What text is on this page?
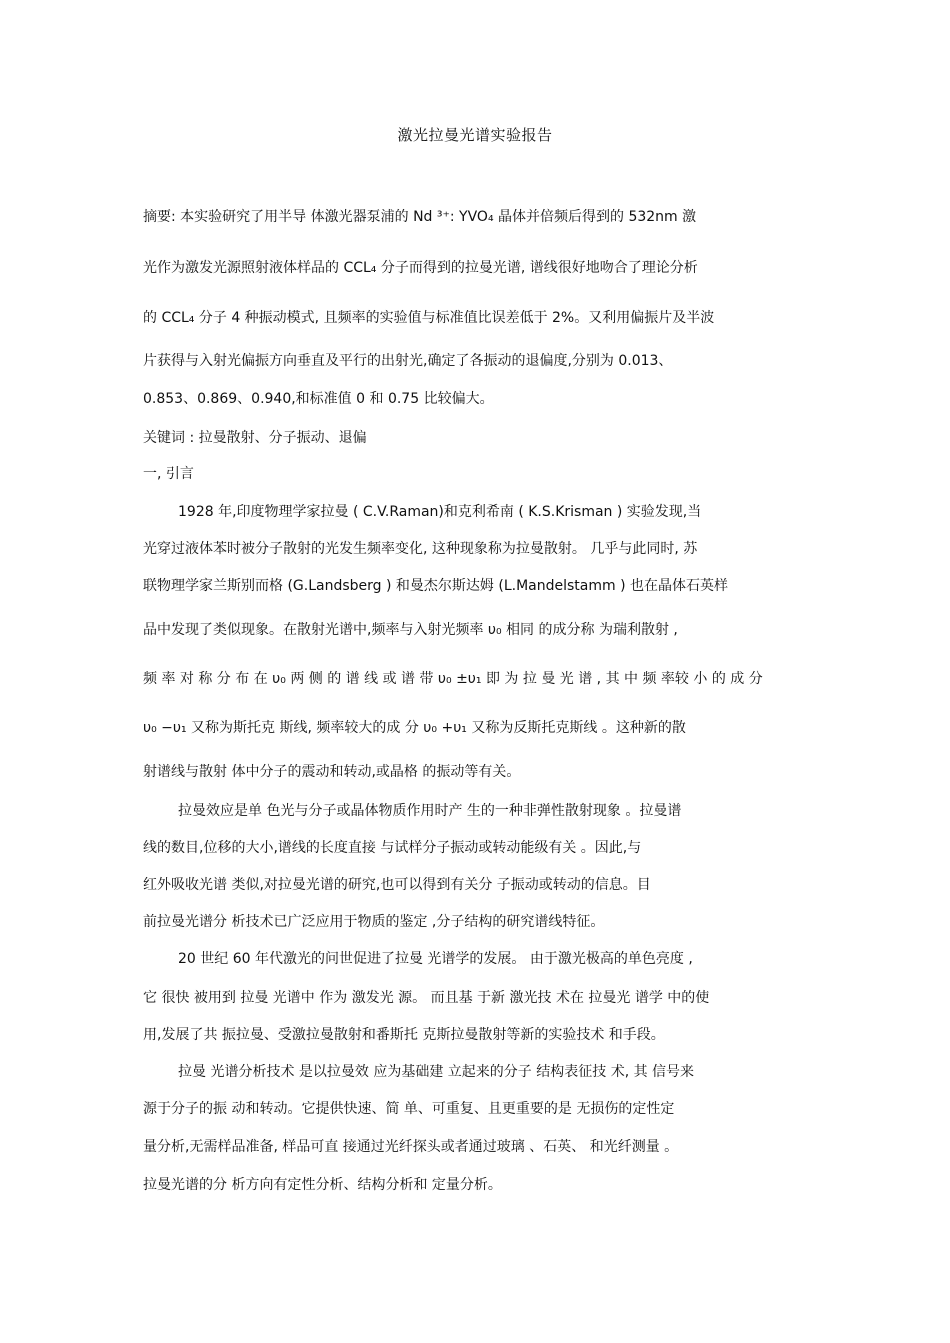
激光拉曼光谱实验报告
摘要: 本实验研究了用半导 体激光器泵浦的 Nd ³⁺: YVO₄ 晶体并倍频后得到的 532nm 激
光作为激发光源照射液体样品的 CCL₄ 分子而得到的拉曼光谱, 谱线很好地吻合了理论分析
的 CCL₄ 分子 4 种振动模式, 且频率的实验值与标准值比误差低于 2%。又利用偏振片及半波
片获得与入射光偏振方向垂直及平行的出射光,确定了各振动的退偏度,分别为 0.013、
0.853、0.869、0.940,和标准值 0 和 0.75 比较偏大。
关键词 : 拉曼散射、分子振动、退偏
一, 引言
1928 年,印度物理学家拉曼 ( C.V.Raman)和克利希南 ( K.S.Krisman ) 实验发现,当
光穿过液体苯时被分子散射的光发生频率变化, 这种现象称为拉曼散射。 几乎与此同时, 苏
联物理学家兰斯别而格 (G.Landsberg ) 和曼杰尔斯达姆 (L.Mandelstamm ) 也在晶体石英样
品中发现了类似现象。在散射光谱中,频率与入射光频率 υ₀ 相同 的成分称 为瑞利散射 ,
频 率 对 称 分 布 在 υ₀ 两 侧 的 谱 线 或 谱 带 υ₀ ±υ₁ 即 为 拉 曼 光 谱 , 其 中 频 率较 小 的 成 分
υ₀ −υ₁ 又称为斯托克 斯线, 频率较大的成 分 υ₀ +υ₁ 又称为反斯托克斯线 。这种新的散
射谱线与散射 体中分子的震动和转动,或晶格 的振动等有关。
拉曼效应是单 色光与分子或晶体物质作用时产 生的一种非弹性散射现象 。拉曼谱
线的数目,位移的大小,谱线的长度直接 与试样分子振动或转动能级有关 。因此,与
红外吸收光谱 类似,对拉曼光谱的研究,也可以得到有关分 子振动或转动的信息。目
前拉曼光谱分 析技术已广泛应用于物质的鉴定 ,分子结构的研究谱线特征。
20 世纪 60 年代激光的问世促进了拉曼 光谱学的发展。 由于激光极高的单色亮度 ,
它 很快 被用到 拉曼 光谱中 作为 激发光 源。 而且基 于新 激光技 术在 拉曼光 谱学 中的使
用,发展了共 振拉曼、受激拉曼散射和番斯托 克斯拉曼散射等新的实验技术 和手段。
拉曼 光谱分析技术 是以拉曼效 应为基础建 立起来的分子 结构表征技 术, 其 信号来
源于分子的振 动和转动。它提供快速、简 单、可重复、且更重要的是 无损伤的定性定
量分析,无需样品准备, 样品可直 接通过光纤探头或者通过玻璃 、石英、 和光纤测量 。
拉曼光谱的分 析方向有定性分析、结构分析和 定量分析。
